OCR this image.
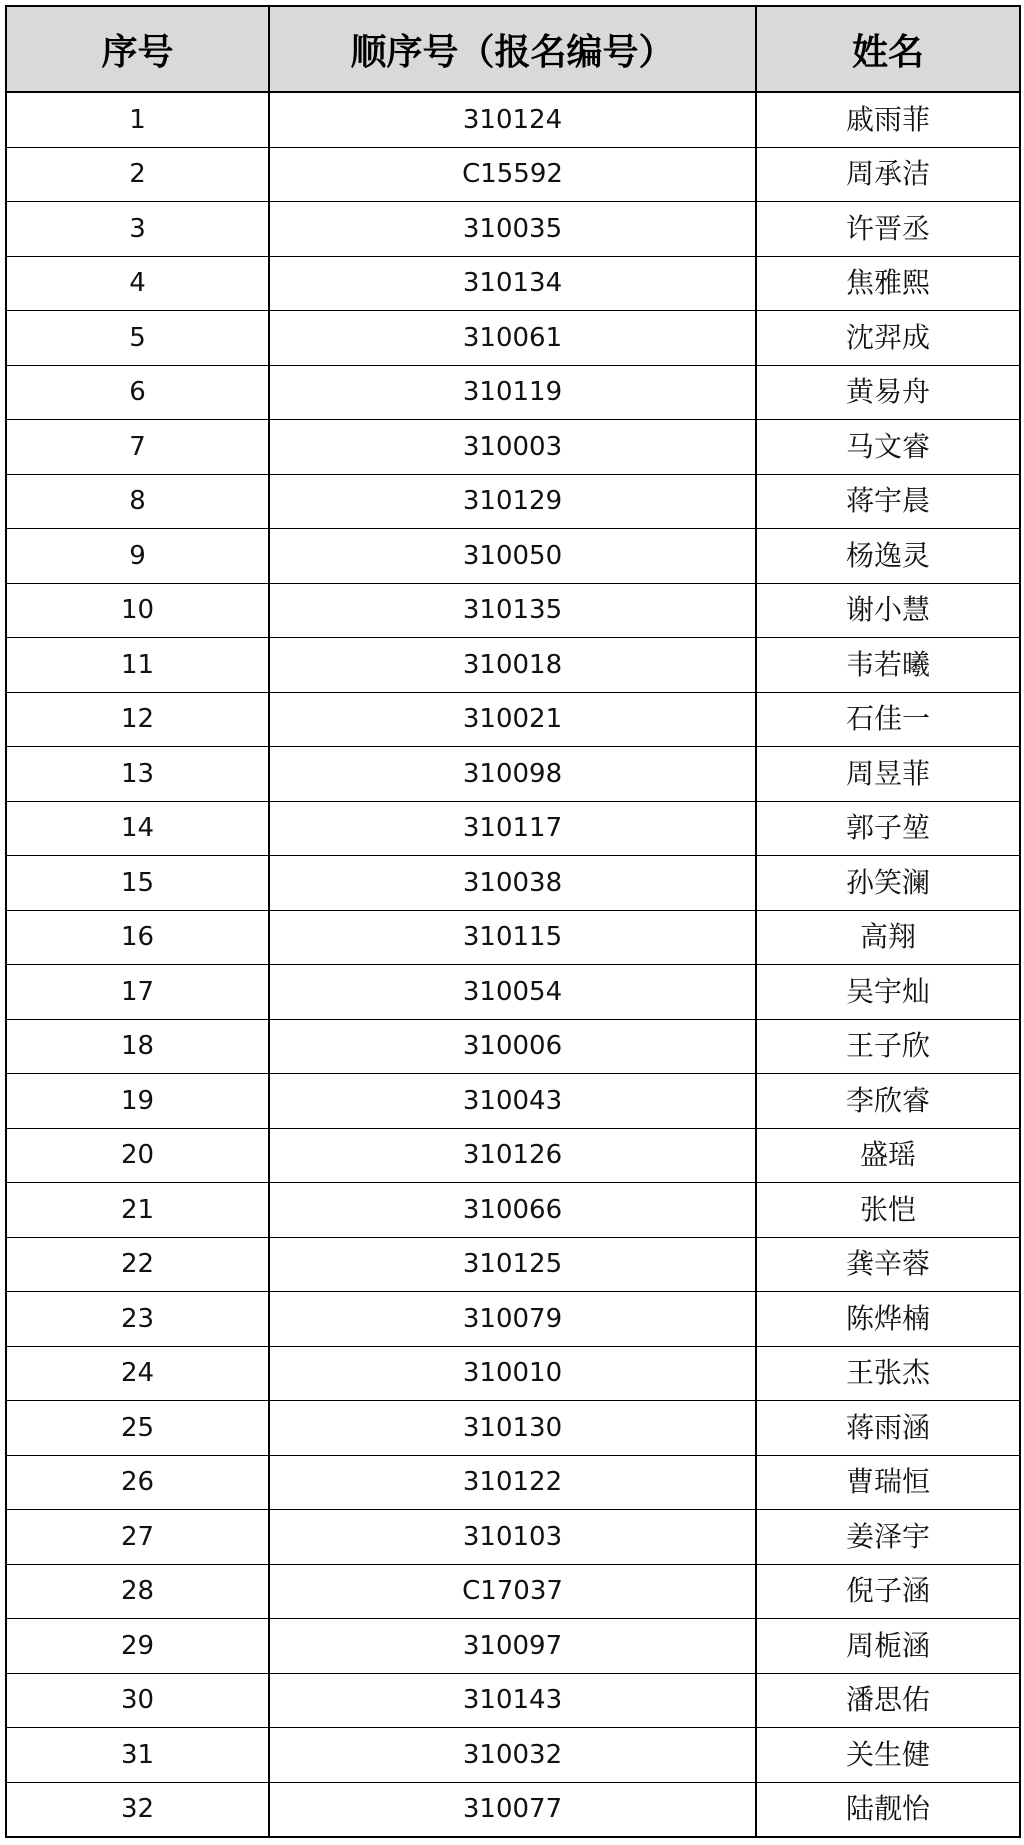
序号	顺序号（报名编号）	姓名
1	310124	戚雨菲
2	C15592	周承洁
3	310035	许晋丞
4	310134	焦雅熙
5	310061	沈羿成
6	310119	黄易舟
7	310003	马文睿
8	310129	蒋宇晨
9	310050	杨逸灵
10	310135	谢小慧
11	310018	韦若曦
12	310021	石佳一
13	310098	周昱菲
14	310117	郭子堃
15	310038	孙笑澜
16	310115	高翔
17	310054	吴宇灿
18	310006	王子欣
19	310043	李欣睿
20	310126	盛瑶
21	310066	张恺
22	310125	龚辛蓉
23	310079	陈烨楠
24	310010	王张杰
25	310130	蒋雨涵
26	310122	曹瑞恒
27	310103	姜泽宇
28	C17037	倪子涵
29	310097	周栀涵
30	310143	潘思佑
31	310032	关生健
32	310077	陆靓怡
